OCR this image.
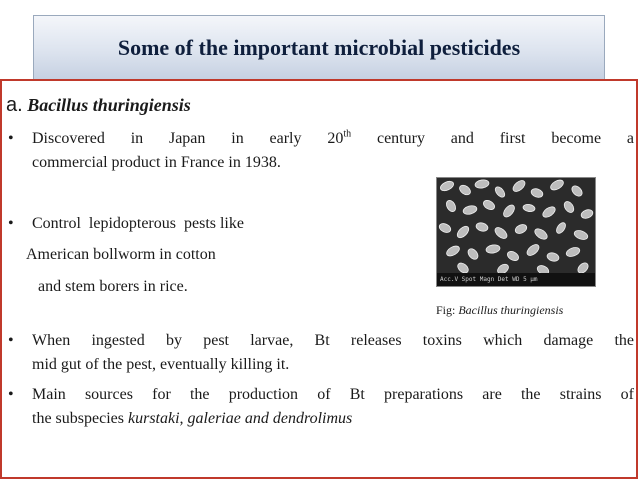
Some of the important microbial pesticides

a. Bacillus thuringiensis

• Discovered in Japan in early 20th century and first become a

commercial product in France in 1938.

• Control  lepidopterous  pests like

American bollworm in cotton

and stem borers in rice.	Acc.V Spot Magn Det WD 5 µm
Fig: Bacillus thuringiensis
• When ingested by pest larvae, Bt releases toxins which damage the

mid gut of the pest, eventually killing it.

• Main sources for the production of Bt preparations are the strains of

the subspecies kurstaki, galeriae and dendrolimus
